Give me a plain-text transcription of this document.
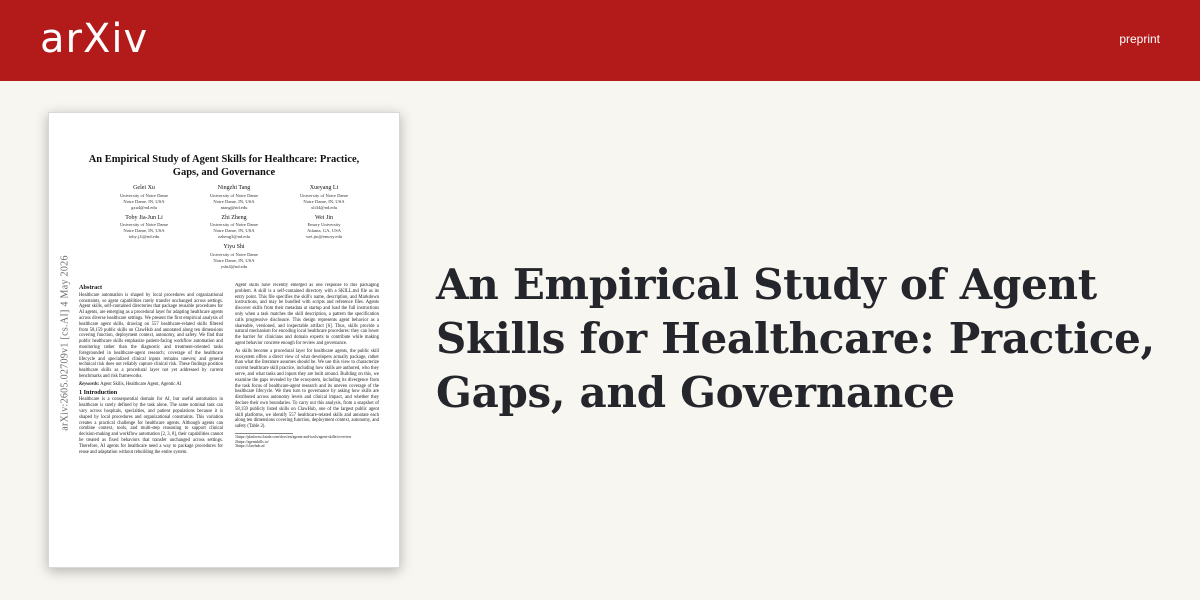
arXiv	preprint
arXiv:2605.02709v1 [cs.AI] 4 May 2026
An Empirical Study of Agent Skills for Healthcare: Practice, Gaps, and Governance
Gelei Xu
University of Notre Dame
Notre Dame, IN, USA
gxu4@nd.edu
Ningzhi Tang
University of Notre Dame
Notre Dame, IN, USA
ntang@nd.edu
Xueyang Li
University of Notre Dame
Notre Dame, IN, USA
xli34@nd.edu
Toby Jia-Jun Li
University of Notre Dame
Notre Dame, IN, USA
toby.j.li@nd.edu
Zhi Zheng
University of Notre Dame
Notre Dame, IN, USA
zzheng3@nd.edu
Wei Jin
Emory University
Atlanta, GA, USA
wei.jin@emory.edu
Yiyu Shi
University of Notre Dame
Notre Dame, IN, USA
yshi4@nd.edu
Abstract

Healthcare automation is shaped by local procedures and organizational constraints, so agent capabilities rarely transfer unchanged across settings. Agent skills, self-contained directories that package reusable procedures for AI agents, are emerging as a procedural layer for adapting healthcare agents across diverse healthcare settings. We present the first empirical analysis of healthcare agent skills, drawing on 557 healthcare-related skills filtered from 58,159 public skills on ClawHub and annotated along ten dimensions covering function, deployment context, autonomy, and safety. We find that public healthcare skills emphasize patient-facing workflow automation and monitoring rather than the diagnostic and treatment-oriented tasks foregrounded in healthcare-agent research; coverage of the healthcare lifecycle and specialized clinical inputs remains uneven; and general technical risk does not reliably capture clinical risk. These findings position healthcare skills as a procedural layer not yet addressed by current benchmarks and risk frameworks.

Keywords: Agent Skills, Healthcare Agent, Agentic AI

1 Introduction

Healthcare is a consequential domain for AI, but useful automation in healthcare is rarely defined by the task alone. The same nominal task can vary across hospitals, specialties, and patient populations because it is shaped by local procedures and organizational constraints. This variation creates a practical challenge for healthcare agents. Although agents can combine context, tools, and multi-step reasoning to support clinical decision-making and workflow automation [2, 3, 8], their capabilities cannot be treated as fixed behaviors that transfer unchanged across settings. Therefore, AI agents for healthcare need a way to package procedures for reuse and adaptation without rebuilding the entire system.

Agent skills have recently emerged as one response to this packaging problem. A skill is a self-contained directory with a SKILL.md file as its entry point. This file specifies the skill's name, description, and Markdown instructions, and may be bundled with scripts and reference files. Agents discover skills from their metadata at startup and load the full instructions only when a task matches the skill description, a pattern the specification calls progressive disclosure. This design represents agent behavior as a shareable, versioned, and inspectable artifact [6]. Thus, skills provide a natural mechanism for encoding local healthcare procedures: they can lower the barrier for clinicians and domain experts to contribute while making agent behavior concrete enough for review and governance.

As skills become a procedural layer for healthcare agents, the public skill ecosystem offers a direct view of what developers actually package, rather than what the literature assumes should be. We use this view to characterize current healthcare skill practice, including how skills are authored, who they serve, and what tasks and inputs they are built around. Building on this, we examine the gaps revealed by the ecosystem, including its divergence from the task focus of healthcare-agent research and its uneven coverage of the healthcare lifecycle. We then turn to governance by asking how skills are distributed across autonomy levels and clinical impact, and whether they declare their own boundaries. To carry out this analysis, from a snapshot of 58,159 publicly listed skills on ClawHub, one of the largest public agent skill platforms, we identify 557 healthcare-related skills and annotate each along ten dimensions covering function, deployment context, autonomy, and safety (Table 2).

1https://platform.claude.com/docs/en/agents-and-tools/agent-skills/overview
2https://agentskills.io/
3https://clawhub.ai/
An Empirical Study of Agent Skills for Healthcare: Practice, Gaps, and Governance
